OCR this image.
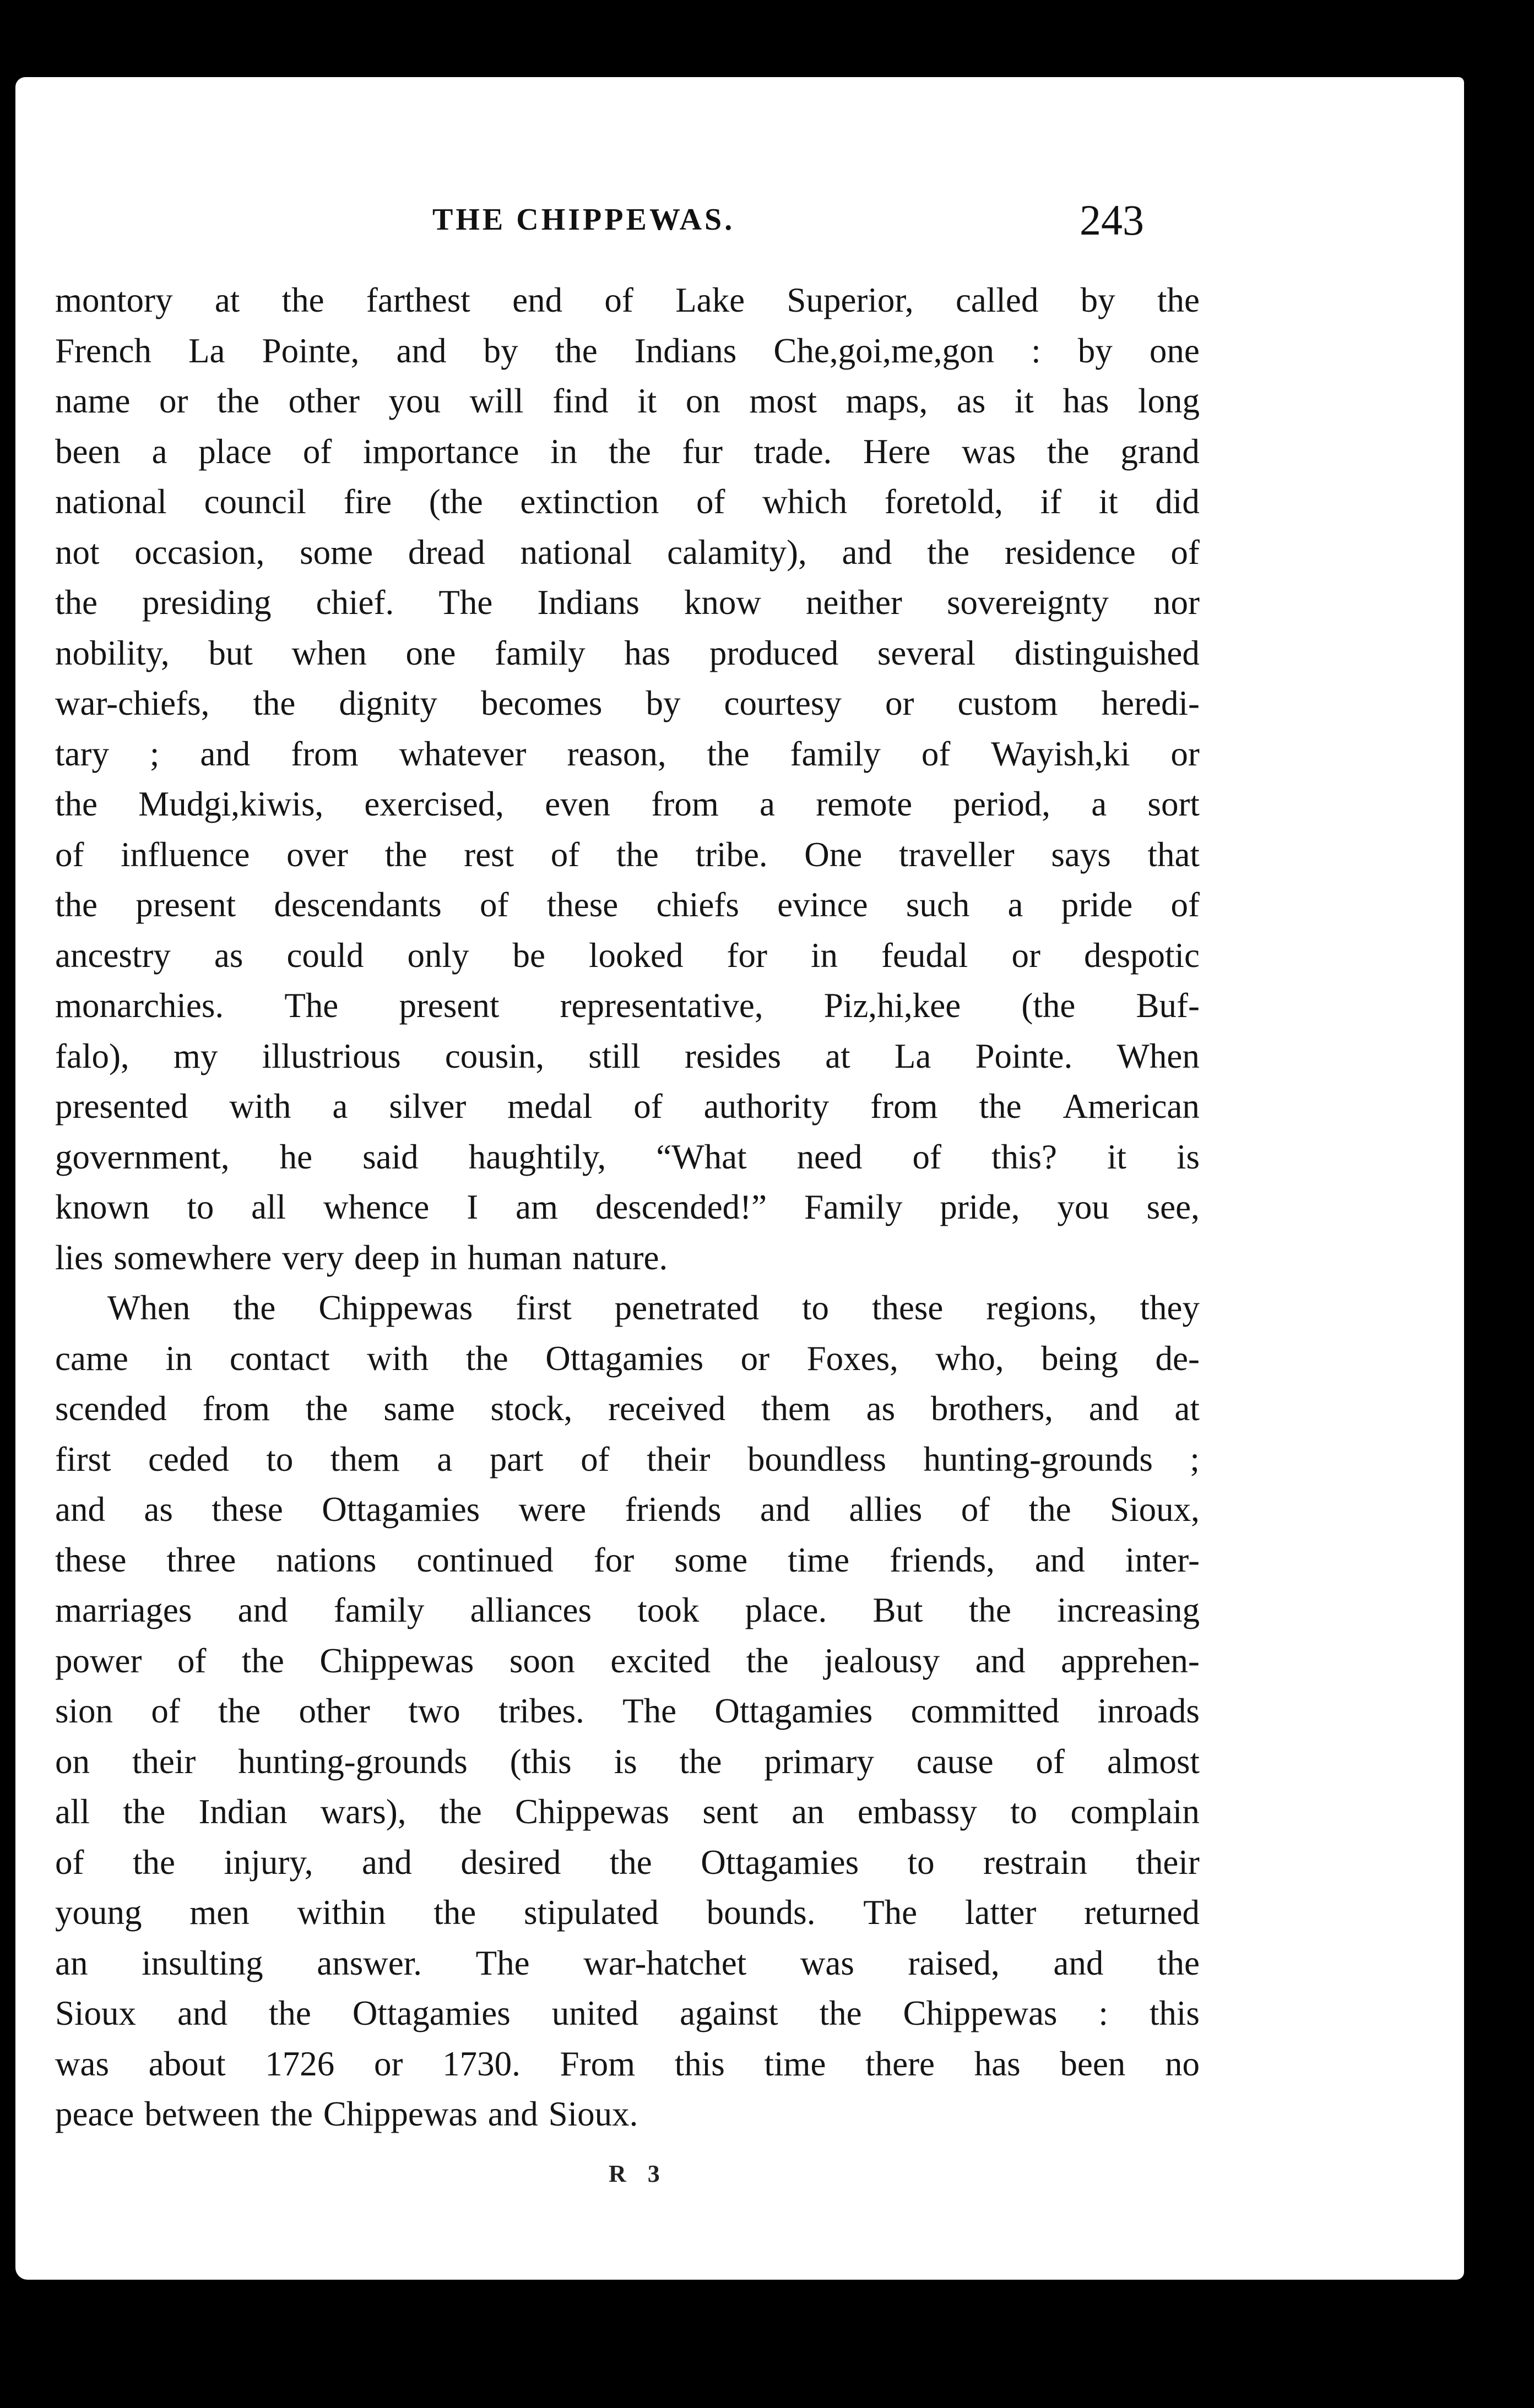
THE CHIPPEWAS.	243
montory at the farthest end of Lake Superior, called by the
French La Pointe, and by the Indians Che,goi,me,gon : by one
name or the other you will find it on most maps, as it has long
been a place of importance in the fur trade. Here was the grand
national council fire (the extinction of which foretold, if it did
not occasion, some dread national calamity), and the residence of
the presiding chief. The Indians know neither sovereignty nor
nobility, but when one family has produced several distinguished
war-chiefs, the dignity becomes by courtesy or custom heredi-
tary ; and from whatever reason, the family of Wayish,ki or
the Mudgi,kiwis, exercised, even from a remote period, a sort
of influence over the rest of the tribe. One traveller says that
the present descendants of these chiefs evince such a pride of
ancestry as could only be looked for in feudal or despotic
monarchies. The present representative, Piz,hi,kee (the Buf-
falo), my illustrious cousin, still resides at La Pointe. When
presented with a silver medal of authority from the American
government, he said haughtily, “What need of this? it is
known to all whence I am descended!” Family pride, you see,
lies somewhere very deep in human nature.
When the Chippewas first penetrated to these regions, they
came in contact with the Ottagamies or Foxes, who, being de-
scended from the same stock, received them as brothers, and at
first ceded to them a part of their boundless hunting-grounds ;
and as these Ottagamies were friends and allies of the Sioux,
these three nations continued for some time friends, and inter-
marriages and family alliances took place. But the increasing
power of the Chippewas soon excited the jealousy and apprehen-
sion of the other two tribes. The Ottagamies committed inroads
on their hunting-grounds (this is the primary cause of almost
all the Indian wars), the Chippewas sent an embassy to complain
of the injury, and desired the Ottagamies to restrain their
young men within the stipulated bounds. The latter returned
an insulting answer. The war-hatchet was raised, and the
Sioux and the Ottagamies united against the Chippewas : this
was about 1726 or 1730. From this time there has been no
peace between the Chippewas and Sioux.
R 3
